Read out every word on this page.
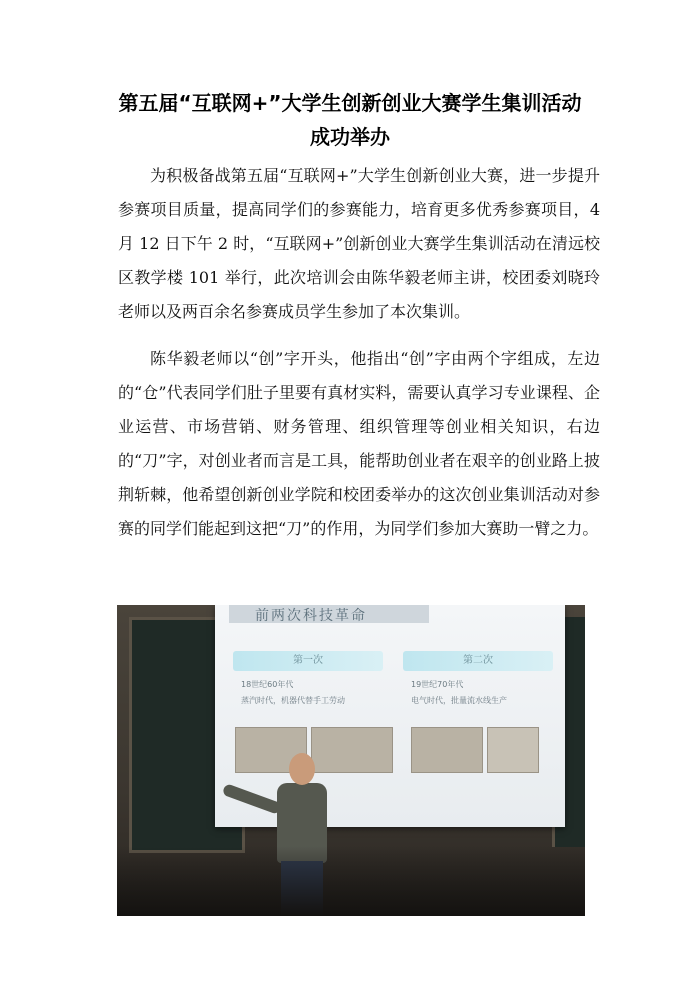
第五届“互联网+”大学生创新创业大赛学生集训活动
成功举办

为积极备战第五届“互联网+”大学生创新创业大赛，进一步提升参赛项目质量，提高同学们的参赛能力，培育更多优秀参赛项目，4 月 12 日下午 2 时，“互联网+”创新创业大赛学生集训活动在清远校区教学楼 101 举行，此次培训会由陈华毅老师主讲，校团委刘晓玲老师以及两百余名参赛成员学生参加了本次集训。

陈华毅老师以“创”字开头，他指出“创”字由两个字组成，左边的“仓”代表同学们肚子里要有真材实料，需要认真学习专业课程、企业运营、市场营销、财务管理、组织管理等创业相关知识，右边的“刀”字，对创业者而言是工具，能帮助创业者在艰辛的创业路上披荆斩棘，他希望创新创业学院和校团委举办的这次创业集训活动对参赛的同学们能起到这把“刀”的作用，为同学们参加大赛助一臂之力。

前两次科技革命
第一次	第二次
18世纪60年代
蒸汽时代，机器代替手工劳动
19世纪70年代
电气时代，批量流水线生产
